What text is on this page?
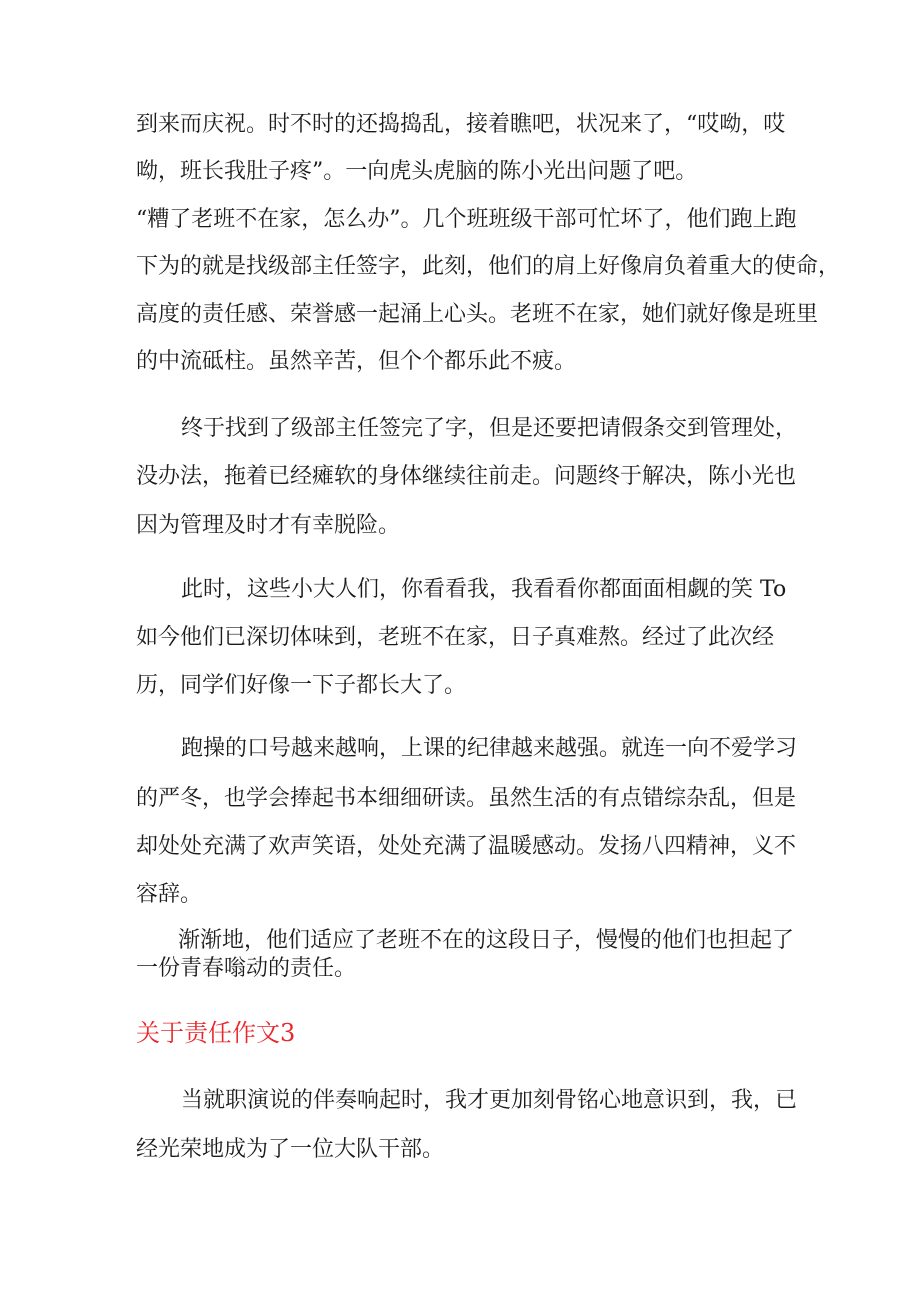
到来而庆祝。时不时的还捣捣乱，接着瞧吧，状况来了，“哎呦，哎
呦，班长我肚子疼”。一向虎头虎脑的陈小光出问题了吧。
“糟了老班不在家，怎么办”。几个班班级干部可忙坏了，他们跑上跑
下为的就是找级部主任签字，此刻，他们的肩上好像肩负着重大的使命，
高度的责任感、荣誉感一起涌上心头。老班不在家，她们就好像是班里
的中流砥柱。虽然辛苦，但个个都乐此不疲。
终于找到了级部主任签完了字，但是还要把请假条交到管理处，
没办法，拖着已经瘫软的身体继续往前走。问题终于解决，陈小光也
因为管理及时才有幸脱险。
此时，这些小大人们，你看看我，我看看你都面面相觑的笑 To
如今他们已深切体味到，老班不在家，日子真难熬。经过了此次经
历，同学们好像一下子都长大了。
跑操的口号越来越响，上课的纪律越来越强。就连一向不爱学习
的严冬，也学会捧起书本细细研读。虽然生活的有点错综杂乱，但是
却处处充满了欢声笑语，处处充满了温暖感动。发扬八四精神，义不
容辞。
渐渐地，他们适应了老班不在的这段日子，慢慢的他们也担起了
一份青春嗡动的责任。
关于责任作文3
当就职演说的伴奏响起时，我才更加刻骨铭心地意识到，我，已
经光荣地成为了一位大队干部。
